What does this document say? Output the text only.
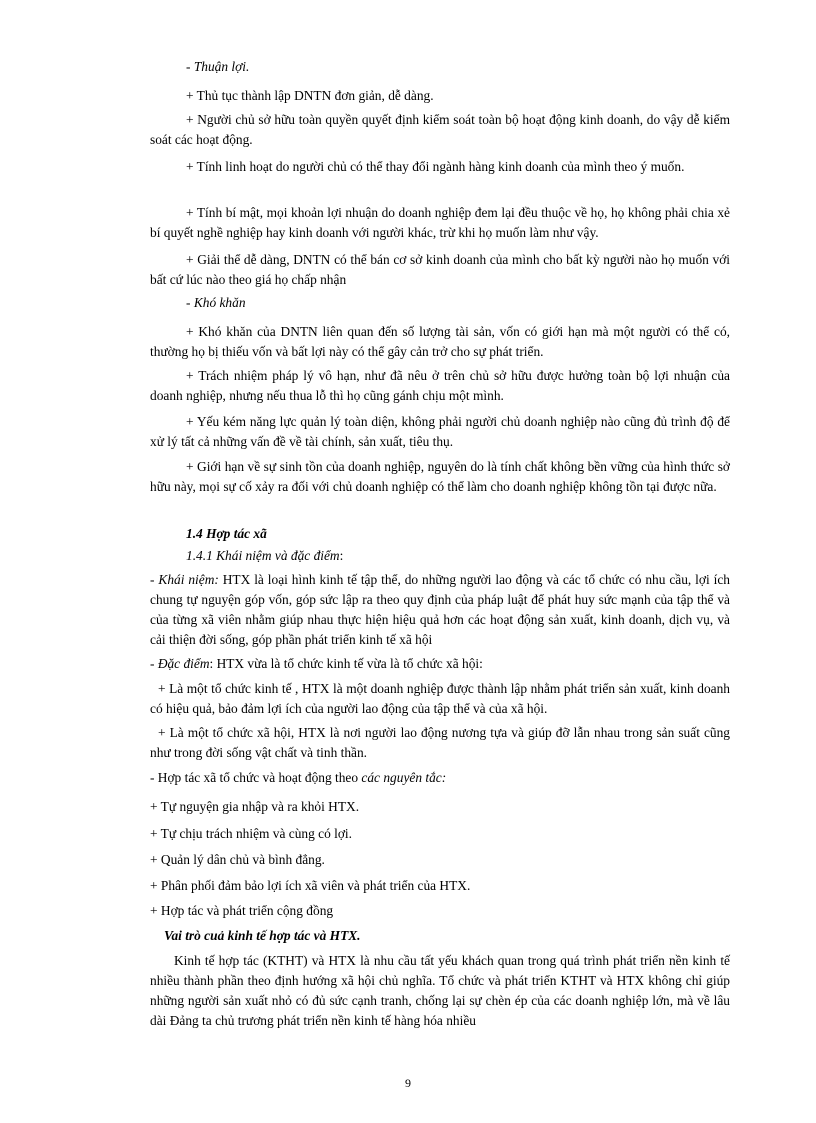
- Thuận lợi.

+ Thủ tục thành lập DNTN đơn giản, dễ dàng.

+ Người chủ sở hữu toàn quyền quyết định kiểm soát toàn bộ hoạt động kinh doanh, do vậy dễ kiểm soát các hoạt động.

+ Tính linh hoạt do người chủ có thể thay đổi ngành hàng kinh doanh của mình theo ý muốn.

+ Tính bí mật, mọi khoản lợi nhuận do doanh nghiệp đem lại đều thuộc về họ, họ không phải chia xẻ bí quyết nghề nghiệp hay kinh doanh với người khác, trừ khi họ muốn làm như vậy.

+ Giải thể dễ dàng, DNTN có thể bán cơ sở kinh doanh của mình cho bất kỳ người nào họ muốn với bất cứ lúc nào theo giá họ chấp nhận

- Khó khăn

+ Khó khăn của DNTN liên quan đến số lượng tài sản, vốn có giới hạn mà một người có thể có, thường họ bị thiếu vốn và bất lợi này có thể gây cản trở cho sự phát triển.

+ Trách nhiệm pháp lý vô hạn, như đã nêu ở trên chủ sở hữu được hưởng toàn bộ lợi nhuận của doanh nghiệp, nhưng nếu thua lỗ thì họ cũng gánh chịu một mình.

+ Yếu kém năng lực quản lý toàn diện, không phải người chủ doanh nghiệp nào cũng đủ trình độ để xử lý tất cả những vấn đề về tài chính, sản xuất, tiêu thụ.

+ Giới hạn về sự sinh tồn của doanh nghiệp, nguyên do là tính chất không bền vững của hình thức sở hữu này, mọi sự cố xảy ra đối với chủ doanh nghiệp có thể làm cho doanh nghiệp không tồn tại được nữa.

1.4 Hợp tác xã

1.4.1 Khái niệm và đặc điểm:

- Khái niệm: HTX là loại hình kinh tế tập thể, do những người lao động và các tổ chức có nhu cầu, lợi ích chung tự nguyện góp vốn, góp sức lập ra theo quy định của pháp luật để phát huy sức mạnh của tập thể và của từng xã viên nhằm giúp nhau thực hiện hiệu quả hơn các hoạt động sản xuất, kinh doanh, dịch vụ, và cải thiện đời sống, góp phần phát triển kinh tế xã hội

- Đặc điểm: HTX vừa là tổ chức kinh tế vừa là tổ chức xã hội:

+ Là một tổ chức kinh tế , HTX là một doanh nghiệp được thành lập nhằm phát triển sản xuất, kinh doanh có hiệu quả, bảo đảm lợi ích của người lao động của tập thể và của xã hội.

+ Là một tổ chức xã hội, HTX là nơi người lao động nương tựa và giúp đỡ lẫn nhau trong sản suất cũng như trong đời sống vật chất và tinh thần.

- Hợp tác xã tổ chức và hoạt động theo các nguyên tắc:

+ Tự nguyện gia nhập và ra khỏi HTX.

+ Tự chịu trách nhiệm và cùng có lợi.

+ Quản lý dân chủ và bình đẳng.

+ Phân phối đảm bảo lợi ích xã viên và phát triển của HTX.

+ Hợp tác và phát triển cộng đồng

Vai trò cuả kinh tế hợp tác và HTX.

Kinh tế hợp tác (KTHT) và HTX là nhu cầu tất yếu khách quan trong quá trình phát triển nền kinh tế nhiều thành phần theo định hướng xã hội chủ nghĩa. Tổ chức và phát triển KTHT và HTX không chỉ giúp những người sản xuất nhỏ có đủ sức cạnh tranh, chống lại sự chèn ép của các doanh nghiệp lớn, mà về lâu dài Đảng ta chủ trương phát triển nền kinh tế hàng hóa nhiều

9
